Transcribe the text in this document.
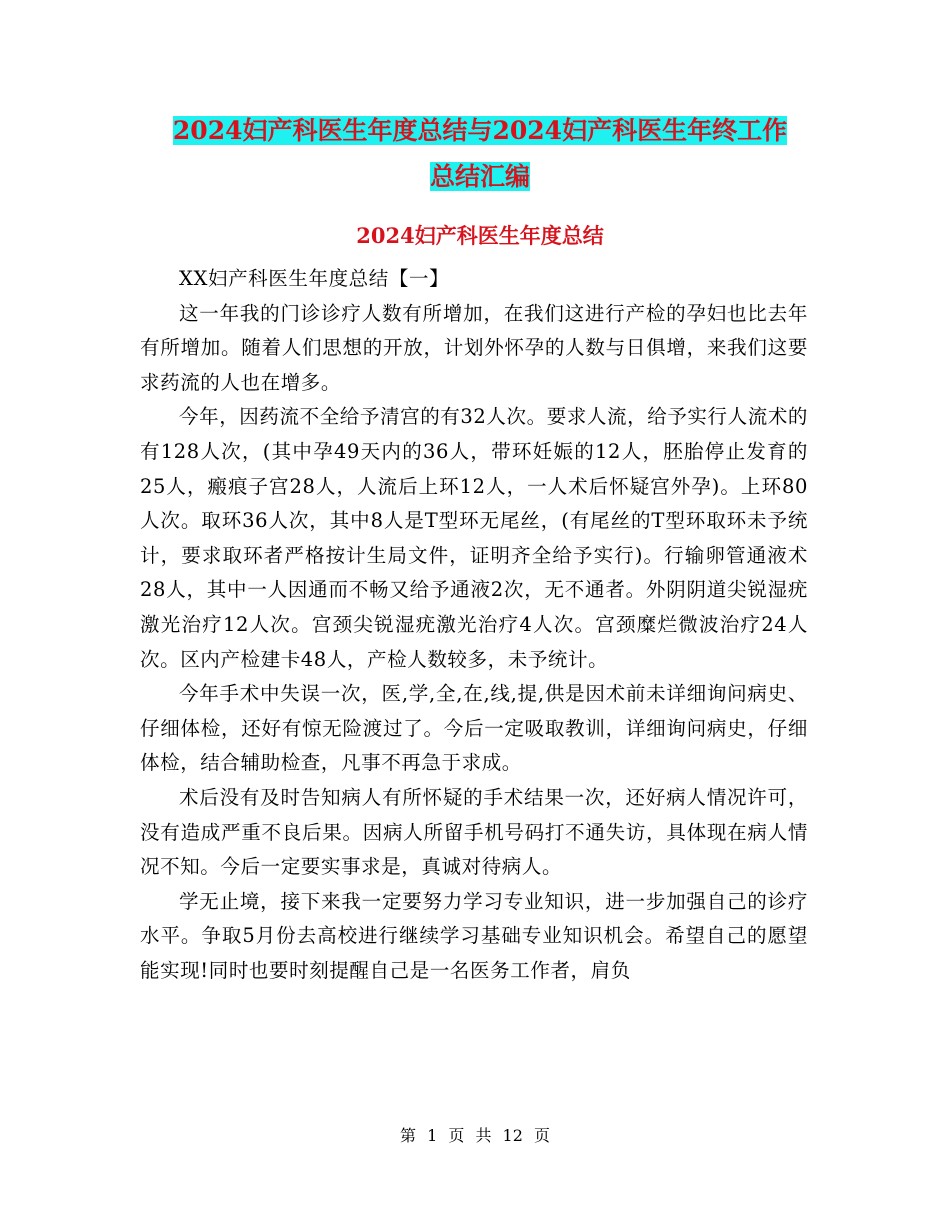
2024妇产科医生年度总结与2024妇产科医生年终工作
总结汇编
2024妇产科医生年度总结

XX妇产科医生年度总结【一】

这一年我的门诊诊疗人数有所增加，在我们这进行产检的孕妇也比去年有所增加。随着人们思想的开放，计划外怀孕的人数与日俱增，来我们这要求药流的人也在增多。

今年，因药流不全给予清宫的有32人次。要求人流，给予实行人流术的有128人次，(其中孕49天内的36人，带环妊娠的12人，胚胎停止发育的25人，瘢痕子宫28人，人流后上环12人，一人术后怀疑宫外孕)。上环80人次。取环36人次，其中8人是T型环无尾丝，(有尾丝的T型环取环未予统计，要求取环者严格按计生局文件，证明齐全给予实行)。行输卵管通液术28人，其中一人因通而不畅又给予通液2次，无不通者。外阴阴道尖锐湿疣激光治疗12人次。宫颈尖锐湿疣激光治疗4人次。宫颈糜烂微波治疗24人次。区内产检建卡48人，产检人数较多，未予统计。

今年手术中失误一次，医,学,全,在,线,提,供是因术前未详细询问病史、仔细体检，还好有惊无险渡过了。今后一定吸取教训，详细询问病史，仔细体检，结合辅助检查，凡事不再急于求成。

术后没有及时告知病人有所怀疑的手术结果一次，还好病人情况许可，没有造成严重不良后果。因病人所留手机号码打不通失访，具体现在病人情况不知。今后一定要实事求是，真诚对待病人。

学无止境，接下来我一定要努力学习专业知识，进一步加强自己的诊疗水平。争取5月份去高校进行继续学习基础专业知识机会。希望自己的愿望能实现!同时也要时刻提醒自己是一名医务工作者，肩负

第 1 页 共 12 页
